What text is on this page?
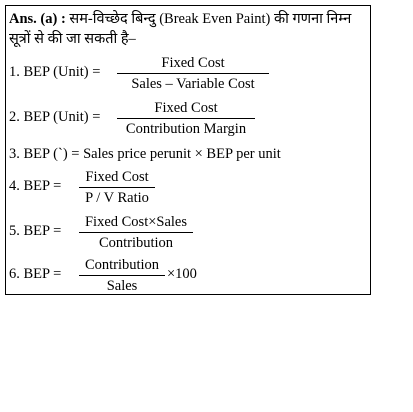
Ans. (a) : सम-विच्छेद बिन्दु (Break Even Paint) की गणना निम्न सूत्रों से की जा सकती है–
1. BEP (Unit) =
Fixed Cost
Sales – Variable Cost
2. BEP (Unit) =
Fixed Cost
Contribution Margin
3. BEP (`) = Sales price perunit × BEP per unit
4. BEP =
Fixed Cost
P / V Ratio
5. BEP =
Fixed Cost×Sales
Contribution
6. BEP =
Contribution
Sales
×100
